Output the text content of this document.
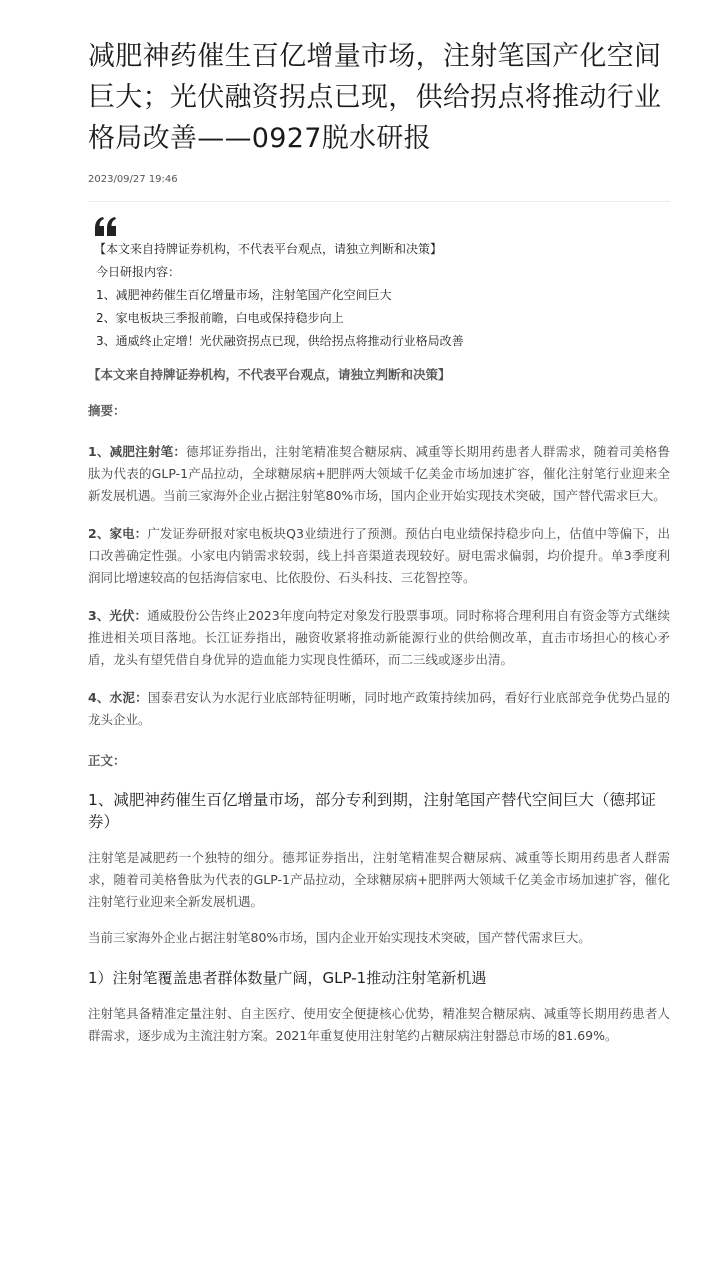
减肥神药催生百亿增量市场，注射笔国产化空间巨大；光伏融资拐点已现，供给拐点将推动行业格局改善——0927脱水研报
2023/09/27 19:46
【本文来自持牌证券机构，不代表平台观点，请独立判断和决策】
今日研报内容：
1、减肥神药催生百亿增量市场，注射笔国产化空间巨大
2、家电板块三季报前瞻，白电或保持稳步向上
3、通威终止定增！光伏融资拐点已现，供给拐点将推动行业格局改善
【本文来自持牌证券机构，不代表平台观点，请独立判断和决策】
摘要：
1、减肥注射笔：德邦证券指出，注射笔精准契合糖尿病、减重等长期用药患者人群需求，随着司美格鲁肽为代表的GLP-1产品拉动，全球糖尿病+肥胖两大领域千亿美金市场加速扩容，催化注射笔行业迎来全新发展机遇。当前三家海外企业占据注射笔80%市场，国内企业开始实现技术突破，国产替代需求巨大。
2、家电：广发证券研报对家电板块Q3业绩进行了预测。预估白电业绩保持稳步向上，估值中等偏下，出口改善确定性强。小家电内销需求较弱，线上抖音渠道表现较好。厨电需求偏弱，均价提升。单3季度利润同比增速较高的包括海信家电、比依股份、石头科技、三花智控等。
3、光伏：通威股份公告终止2023年度向特定对象发行股票事项。同时称将合理利用自有资金等方式继续推进相关项目落地。长江证券指出，融资收紧将推动新能源行业的供给侧改革，直击市场担心的核心矛盾，龙头有望凭借自身优异的造血能力实现良性循环，而二三线或逐步出清。
4、水泥：国泰君安认为水泥行业底部特征明晰，同时地产政策持续加码，看好行业底部竞争优势凸显的龙头企业。
正文：
1、减肥神药催生百亿增量市场，部分专利到期，注射笔国产替代空间巨大（德邦证券）
注射笔是减肥药一个独特的细分。德邦证券指出，注射笔精准契合糖尿病、减重等长期用药患者人群需求，随着司美格鲁肽为代表的GLP-1产品拉动，全球糖尿病+肥胖两大领域千亿美金市场加速扩容，催化注射笔行业迎来全新发展机遇。
当前三家海外企业占据注射笔80%市场，国内企业开始实现技术突破，国产替代需求巨大。
1）注射笔覆盖患者群体数量广阔，GLP-1推动注射笔新机遇
注射笔具备精准定量注射、自主医疗、使用安全便捷核心优势，精准契合糖尿病、减重等长期用药患者人群需求，逐步成为主流注射方案。2021年重复使用注射笔约占糖尿病注射器总市场的81.69%。
